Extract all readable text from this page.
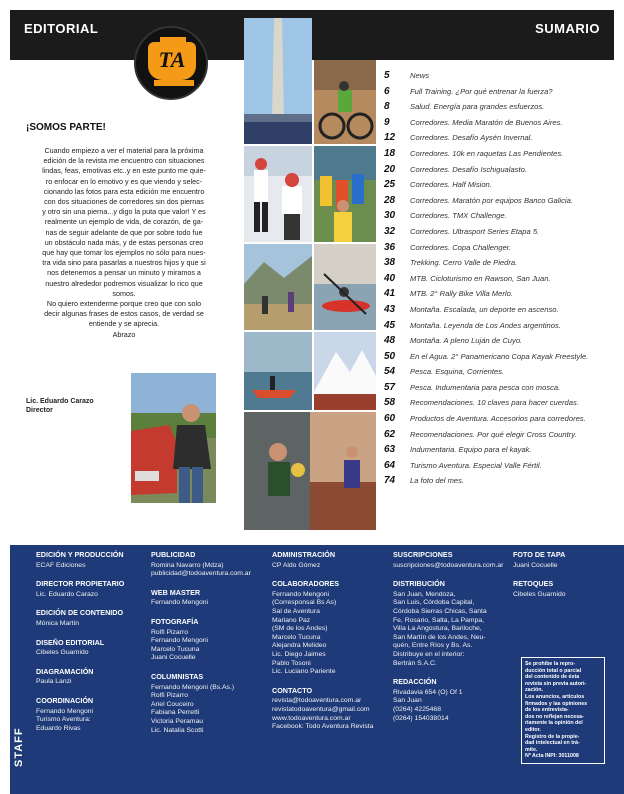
EDITORIAL	SUMARIO
TA
¡SOMOS PARTE!

Cuando empiezo a ver el material para la próxima

edición de la revista me encuentro con situaciones

lindas, feas, emotivas etc..y en este punto me quie-

ro enfocar en lo emotivo y es que viendo y selec-

cionando las fotos para esta edición me encuentro

con dos situaciones de corredores sin dos piernas

y otro sin una pierna...y digo la puta que valor! Y es

realmente un ejemplo de vida, de corazón, de ga-

nas de seguir adelante de que por sobre todo fue

un obstáculo nada más, y de estas personas creo

que hay que tomar los ejemplos no sólo para nues-

tra vida sino para pasarlas a nuestros hijos y que si

nos detenemos a pensar un minuto y miramos a

nuestro alrededor podremos visualizar lo rico que

somos.

No quiero extenderme porque creo que con solo

decir algunas frases de estos casos, de verdad se

entiende y se aprecia.

Abrazo

Lic. Eduardo Carazo
Director
5	News
6	Full Training. ¿Por qué entrenar la fuerza?
8	Salud. Energía para grandes esfuerzos.
9	Corredores. Media Maratón de Buenos Aires.
12	Corredores. Desafío Aysén Invernal.
18	Corredores. 10k en raquetas Las Pendientes.
20	Corredores. Desafío Ischigualasto.
25	Corredores. Half Mision.
28	Corredores. Maratón por equipos Banco Galicia.
30	Corredores. TMX Challenge.
32	Corredores. Ultrasport Series Etapa 5.
36	Corredores. Copa Challenger.
38	Trekking. Cerro Valle de Piedra.
40	MTB. Cicloturismo en Rawson, San Juan.
41	MTB. 2° Rally Bike Villa Merlo.
43	Montaña. Escalada, un deporte en ascenso.
45	Montaña. Leyenda de Los Andes argentinos.
48	Montaña. A pleno Luján de Cuyo.
50	En el Agua. 2° Panamericano Copa Kayak Freestyle.
54	Pesca. Esquina, Corrientes.
57	Pesca. Indumentaria para pesca con mosca.
58	Recomendaciones. 10 claves para hacer cuerdas.
60	Productos de Aventura. Accesorios para corredores.
62	Recomendaciones. Por qué elegir Cross Country.
63	Indumentaria. Equipo para el kayak.
64	Turismo Aventura. Especial Valle Fértil.
74	La foto del mes.
STAFF
EDICIÓN Y PRODUCCIÓN
ECAF Ediciones
DIRECTOR PROPIETARIO
Lic. Eduardo Carazo
EDICIÓN DE CONTENIDO
Mónica Martín
DISEÑO EDITORIAL
Cibeles Guarnido
DIAGRAMACIÓN
Paula Lanzi
COORDINACIÓN
Fernando Mengoni
Turismo Aventura:
Eduardo Rivas
PUBLICIDAD
Romina Navarro (Mdza)
publicidad@todoaventura.com.ar
WEB MASTER
Fernando Mengoni
FOTOGRAFÍA
Rolfi Pizarro
Fernando Mengoni
Marcelo Tucuna
Juani Cocuelle
COLUMNISTAS
Fernando Mengoni (Bs.As.)
Rolfi Pizarro
Ariel Couceiro
Fabiana Perretti
Victoria Peramau
Lic. Natalia Scotti
ADMINISTRACIÓN
CP Aldo Gómez
COLABORADORES
Fernando Mengoni
(Corresponsal Bs As)
Sal de Aventura
Mariano Paz
(SM de los Andes)
Marcelo Tucuna
Alejandra Melideo
Lic. Diego Jaimes
Pablo Tosoni
Lic. Luciano Pariente
CONTACTO
revista@todoaventura.com.ar
revistatodoaventura@gmail.com
www.todoaventura.com.ar
Facebook: Todo Aventura Revista
SUSCRIPCIONES
suscripciones@todoaventura.com.ar
DISTRIBUCIÓN
San Juan, Mendoza,
San Luis, Córdoba Capital,
Córdoba Sierras Chicas, Santa
Fe, Rosario, Salta, La Pampa,
Villa La Angostura, Bariloche,
San Martín de los Andes, Neu-
quén, Entre Ríos y Bs. As.
Distribuye en el interior:
Bertrán S.A.C.
REDACCIÓN
Rivadavia 654 (O) Of 1
San Juan
(0264) 4225468
(0264) 154038014
FOTO DE TAPA
Juani Cocuelle
RETOQUES
Cibeles Guarnido
Se prohíbe la repro-
ducción total o parcial
del contenido de ésta
revista sin previa autori-
zación.
Los anuncios, artículos
firmados y las opiniones
de los entrevista-
dos no reflejan necesa-
riamente la opinión del
editor.
Registro de la propie-
dad intelectual en trá-
mite.
Nº Acta INPI: 3011008
